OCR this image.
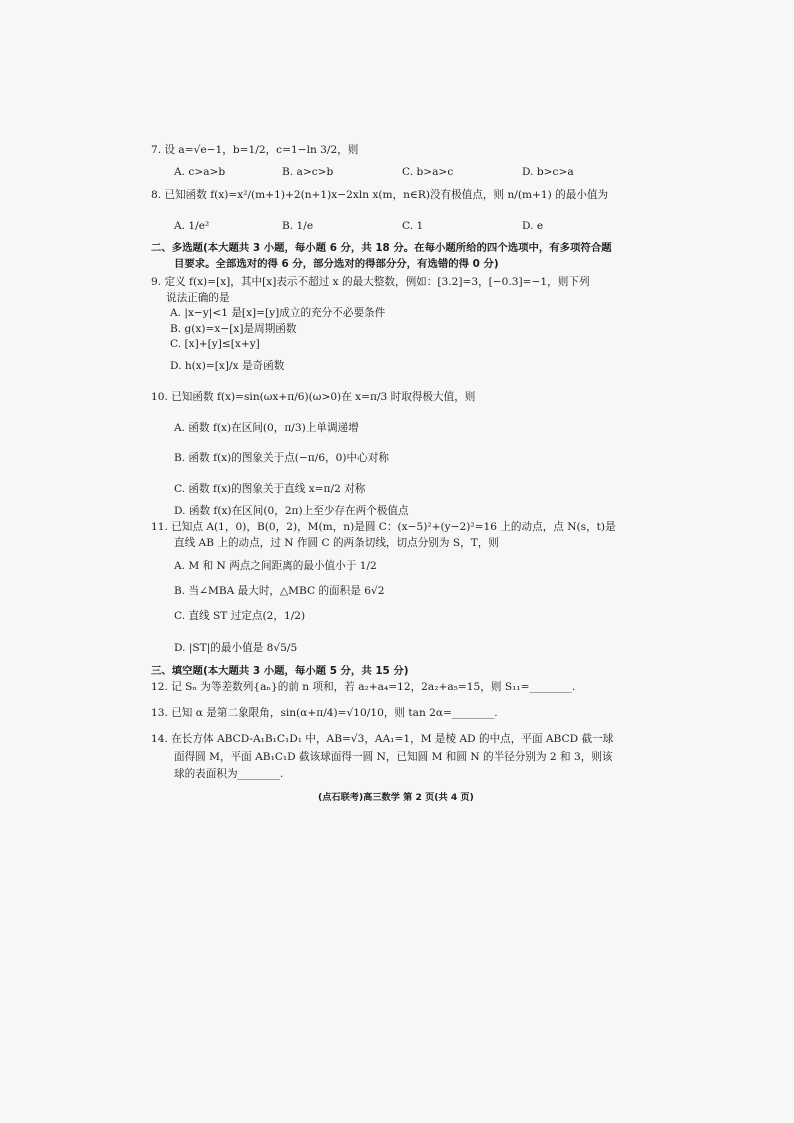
7. 设 a=√e−1，b=1/2，c=1−ln 3/2，则
A. c>a>b	B. a>c>b	C. b>a>c	D. b>c>a
8. 已知函数 f(x)=x²/(m+1)+2(n+1)x−2xln x(m，n∈R)没有极值点，则 n/(m+1) 的最小值为
A. 1/e²	B. 1/e	C. 1	D. e
二、多选题(本大题共 3 小题，每小题 6 分，共 18 分。在每小题所给的四个选项中，有多项符合题
目要求。全部选对的得 6 分，部分选对的得部分分，有选错的得 0 分)
9. 定义 f(x)=[x]，其中[x]表示不超过 x 的最大整数，例如：[3.2]=3，[−0.3]=−1，则下列
说法正确的是
A. |x−y|<1 是[x]=[y]成立的充分不必要条件
B. g(x)=x−[x]是周期函数
C. [x]+[y]≤[x+y]
D. h(x)=[x]/x 是奇函数
10. 已知函数 f(x)=sin(ωx+π/6)(ω>0)在 x=π/3 时取得极大值，则
A. 函数 f(x)在区间(0，π/3)上单调递增
B. 函数 f(x)的图象关于点(−π/6，0)中心对称
C. 函数 f(x)的图象关于直线 x=π/2 对称
D. 函数 f(x)在区间(0，2π)上至少存在两个极值点
11. 已知点 A(1，0)，B(0，2)，M(m，n)是圆 C：(x−5)²+(y−2)²=16 上的动点，点 N(s，t)是
直线 AB 上的动点，过 N 作圆 C 的两条切线，切点分别为 S，T，则
A. M 和 N 两点之间距离的最小值小于 1/2
B. 当∠MBA 最大时，△MBC 的面积是 6√2
C. 直线 ST 过定点(2，1/2)
D. |ST|的最小值是 8√5/5
三、填空题(本大题共 3 小题，每小题 5 分，共 15 分)
12. 记 Sₙ 为等差数列{aₙ}的前 n 项和，若 a₂+a₄=12，2a₂+a₅=15，则 S₁₁=________.
13. 已知 α 是第二象限角，sin(α+π/4)=√10/10，则 tan 2α=________.
14. 在长方体 ABCD-A₁B₁C₁D₁ 中，AB=√3，AA₁=1，M 是棱 AD 的中点，平面 ABCD 截一球
面得圆 M，平面 AB₁C₁D 截该球面得一圆 N，已知圆 M 和圆 N 的半径分别为 2 和 3，则该
球的表面积为________.
(点石联考)高三数学 第 2 页(共 4 页)
